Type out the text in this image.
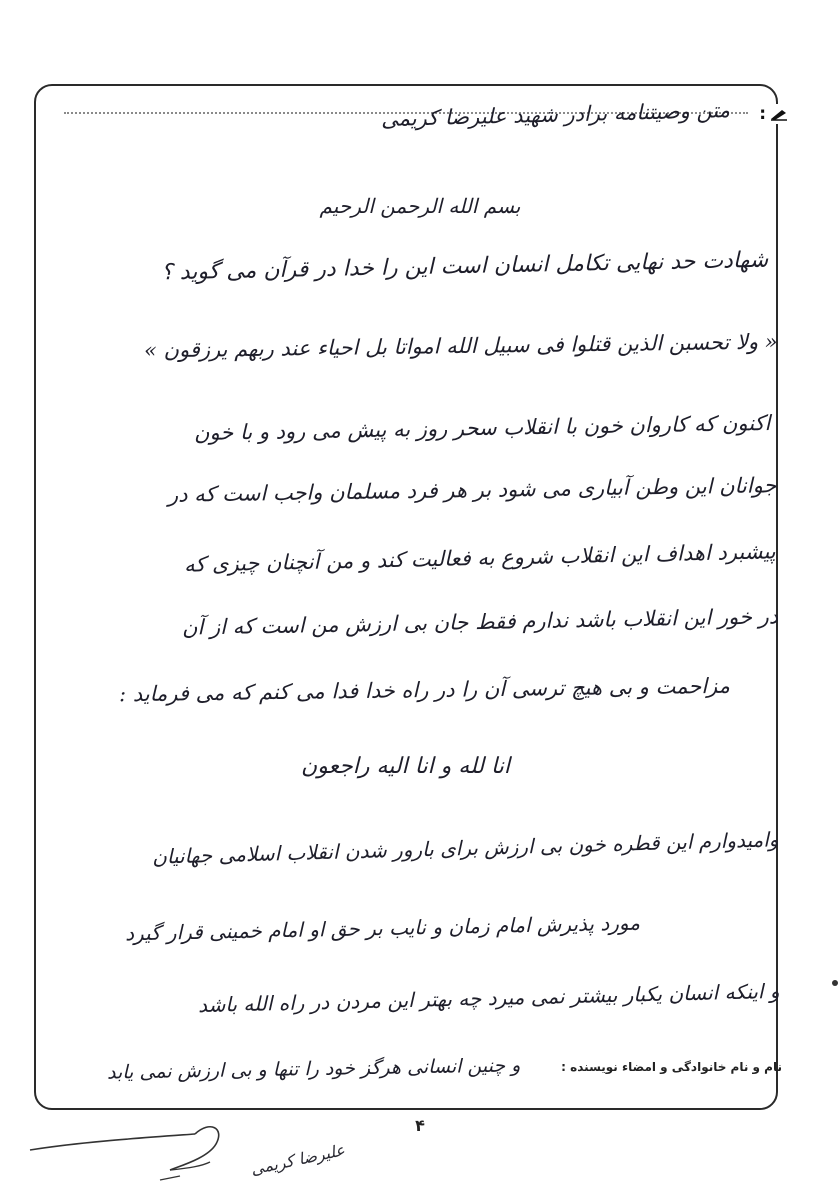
:
متن وصیتنامه برادر شهید علیرضا کریمی
بسم الله الرحمن الرحیم
شهادت حد نهایی تکامل انسان است این را خدا در قرآن می گوید ؟
« ولا تحسبن الذین قتلوا فی سبیل الله امواتا بل احیاء عند ربهم یرزقون »
اکنون که کاروان خون با انقلاب سحر روز به پیش می رود و با خون
جوانان این وطن آبیاری می شود بر هر فرد مسلمان واجب است که در
پیشبرد اهداف این انقلاب شروع به فعالیت کند و من آنچنان چیزی که
در خور این انقلاب باشد ندارم فقط جان بی ارزش من است که از آن
مزاحمت و بی هیچ ترسی آن را در راه خدا فدا می کنم که می فرماید :
انا لله و انا الیه راجعون
وامیدوارم این قطره خون بی ارزش برای بارور شدن انقلاب اسلامی جهانیان
مورد پذیرش امام زمان و نایب بر حق او امام خمینی قرار گیرد
و اینکه انسان یکبار بیشتر نمی میرد چه بهتر این مردن در راه الله باشد
و چنین انسانی هرگز خود را تنها و بی ارزش نمی یابد	نام و نام خانوادگی و امضاء نویسنده :
۴
علیرضا کریمی
